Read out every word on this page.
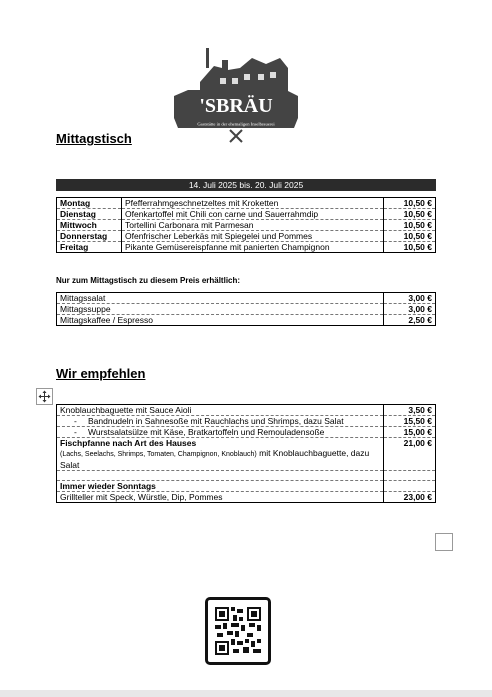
'SBRÄU
Gaststätte in der ehemaligen Inselbrauerei
Mittagstisch
14. Juli 2025 bis. 20. Juli 2025
Montag	Pfefferrahmgeschnetzeltes mit Kroketten	10,50 €
Dienstag	Ofenkartoffel mit Chili con carne und Sauerrahmdip	10,50 €
Mittwoch	Tortellini Carbonara mit Parmesan	10,50 €
Donnerstag	Ofenfrischer Leberkäs mit Spiegelei und Pommes	10,50 €
Freitag	Pikante Gemüsereispfanne mit panierten Champignon	10,50 €
Nur zum Mittagstisch zu diesem Preis erhältlich:
Mittagssalat	3,00 €
Mittagssuppe	3,00 €
Mittagskaffee / Espresso	2,50 €
Wir empfehlen
Knoblauchbaguette mit Sauce Aioli	3,50 €

- Bandnudeln in Sahnesoße mit Rauchlachs und Shrimps, dazu Salat	15,50 €

- Wurstsalatsülze mit Käse, Bratkartoffeln und Remouladensoße	15,00 €

Fischpfanne nach Art des Hauses
(Lachs, Seelachs, Shrimps, Tomaten, Champignon, Knoblauch) mit Knoblauchbaguette, dazu Salat	21,00 €

Immer wieder Sonntags	
Grillteller mit Speck, Würstle, Dip, Pommes	23,00 €
